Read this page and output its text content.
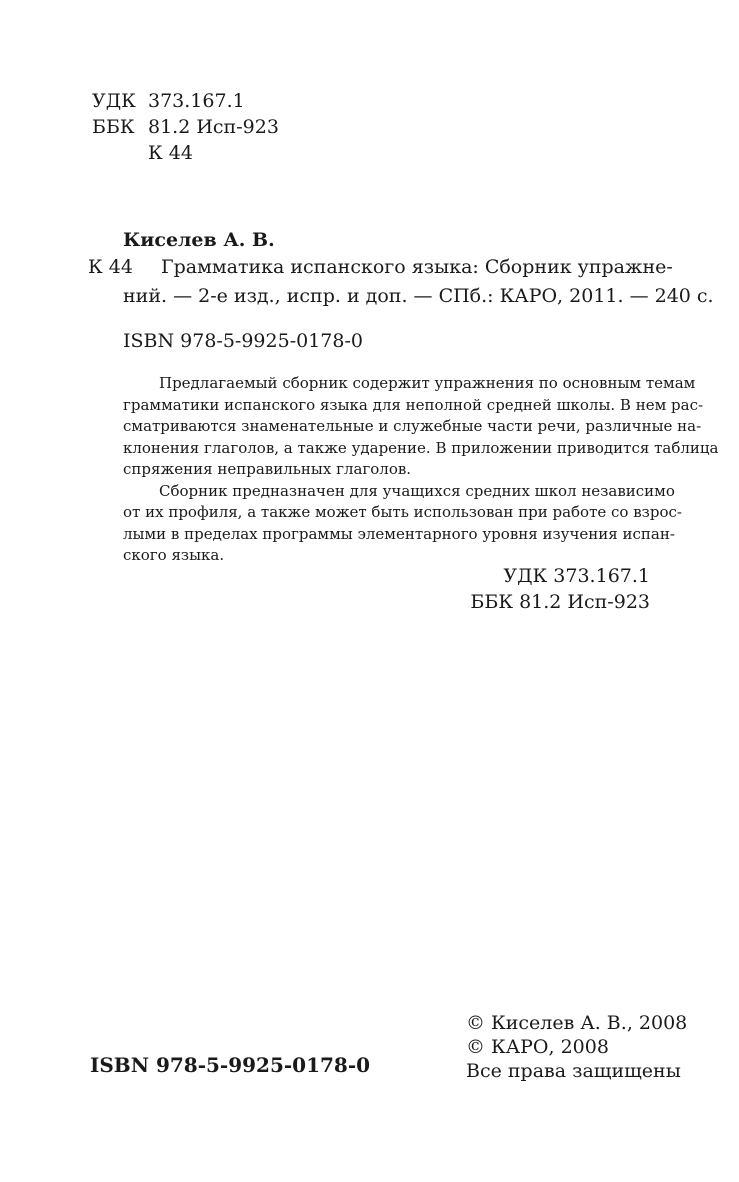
УДК 373.167.1
ББК 81.2 Исп-923
К 44
Киселев А. В.
К 44	Грамматика испанского языка: Сборник упражне-
ний. — 2-е изд., испр. и доп. — СПб.: КАРО, 2011. — 240 с.
ISBN 978-5-9925-0178-0
Предлагаемый сборник содержит упражнения по основным темам
грамматики испанского языка для неполной средней школы. В нем рас-
сматриваются знаменательные и служебные части речи, различные на-
клонения глаголов, а также ударение. В приложении приводится таблица
спряжения неправильных глаголов.
Сборник предназначен для учащихся средних школ независимо
от их профиля, а также может быть использован при работе со взрос-
лыми в пределах программы элементарного уровня изучения испан-
ского языка.
УДК 373.167.1
ББК 81.2 Исп-923
ISBN 978-5-9925-0178-0
© Киселев А. В., 2008
© КАРО, 2008
Все права защищены
